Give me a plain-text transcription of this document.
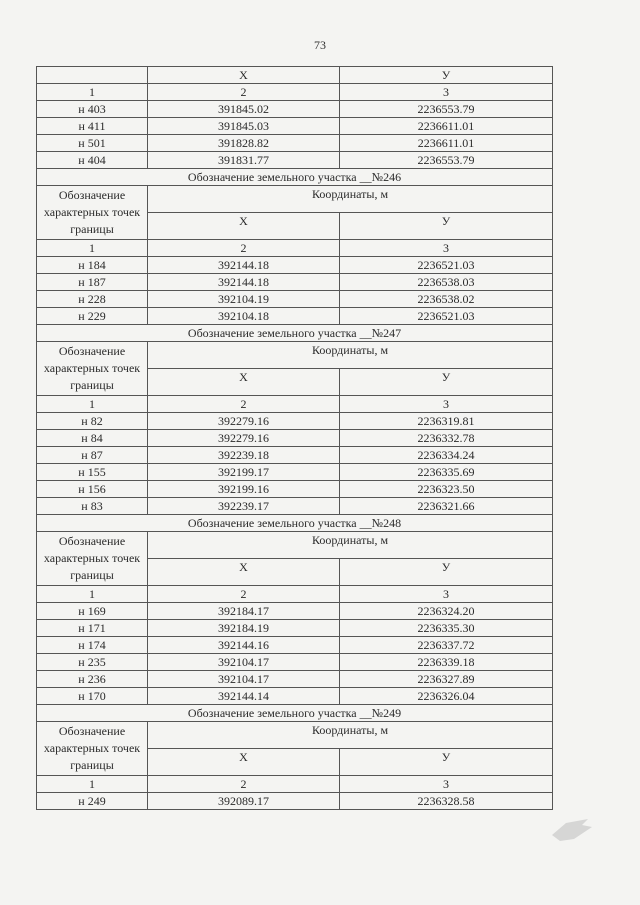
73
	X	У
1	2	3
н 403	391845.02	2236553.79
н 411	391845.03	2236611.01
н 501	391828.82	2236611.01
н 404	391831.77	2236553.79
Обозначение земельного участка __№246		
Обозначение характерных точек границы	Координаты, м	
	Х	У
1	2	3
н 184	392144.18	2236521.03
н 187	392144.18	2236538.03
н 228	392104.19	2236538.02
н 229	392104.18	2236521.03
Обозначение земельного участка __№247		
Обозначение характерных точек границы	Координаты, м	
	Х	У
1	2	3
н 82	392279.16	2236319.81
н 84	392279.16	2236332.78
н 87	392239.18	2236334.24
н 155	392199.17	2236335.69
н 156	392199.16	2236323.50
н 83	392239.17	2236321.66
Обозначение земельного участка __№248		
Обозначение характерных точек границы	Координаты, м	
	Х	У
1	2	3
н 169	392184.17	2236324.20
н 171	392184.19	2236335.30
н 174	392144.16	2236337.72
н 235	392104.17	2236339.18
н 236	392104.17	2236327.89
н 170	392144.14	2236326.04
Обозначение земельного участка __№249		
Обозначение характерных точек границы	Координаты, м	
	Х	У
1	2	3
н 249	392089.17	2236328.58
